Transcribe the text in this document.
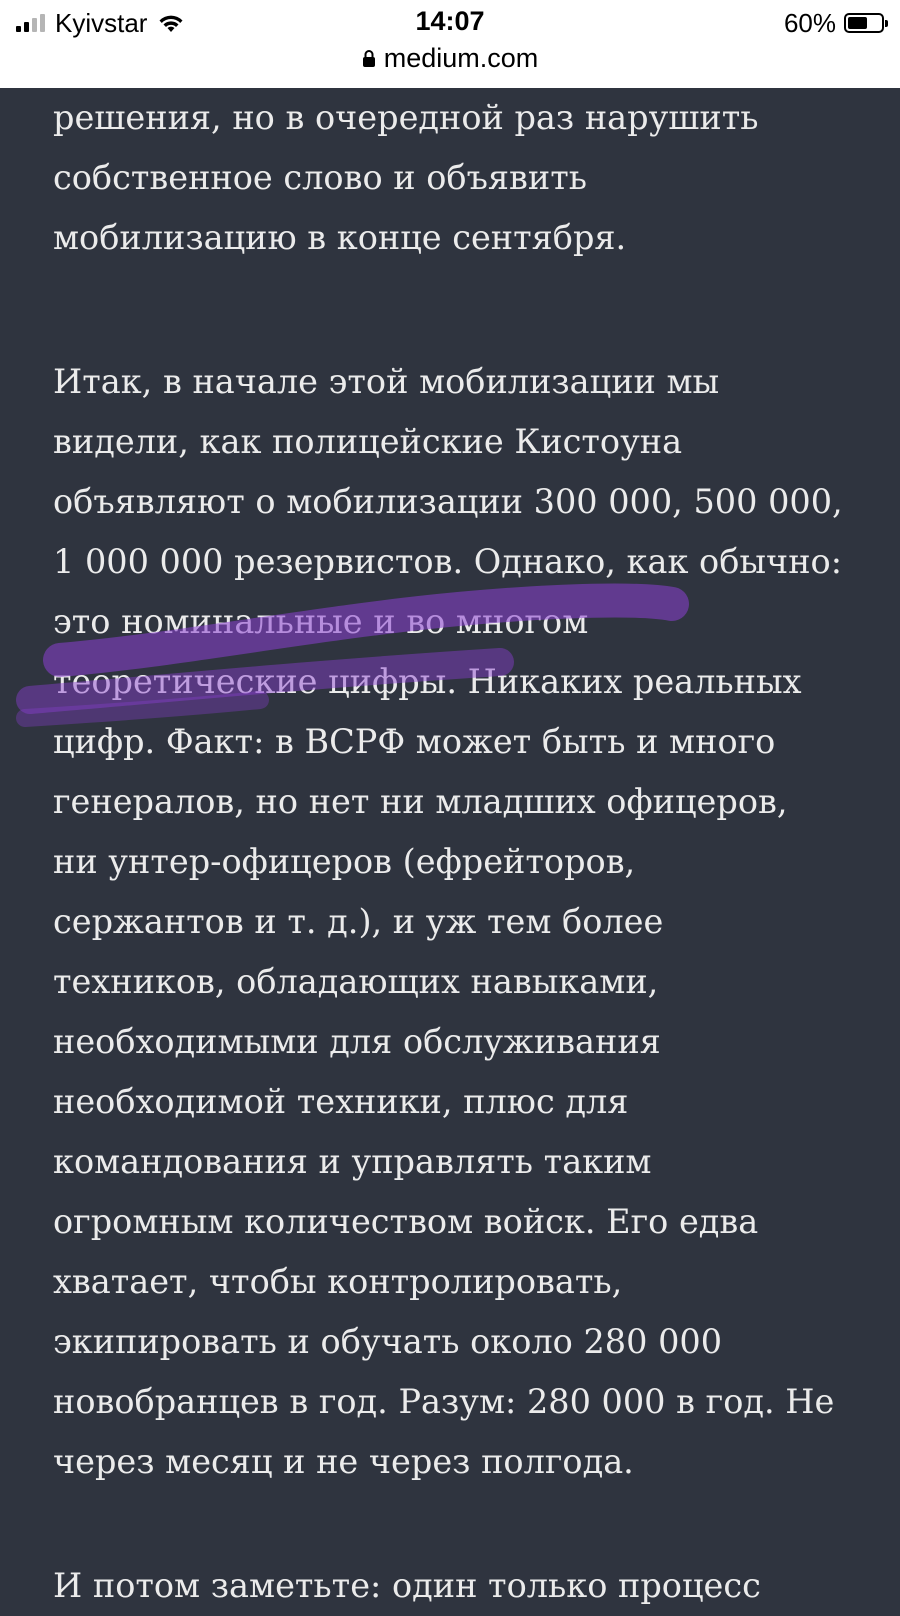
Kyivstar	14:07	60%
medium.com

решения, но в очередной раз нарушить
собственное слово и объявить
мобилизацию в конце сентября.

Итак, в начале этой мобилизации мы
видели, как полицейские Кистоуна
объявляют о мобилизации 300 000, 500 000,
1 000 000 резервистов. Однако, как обычно:
это номинальные и во многом
теоретические цифры. Никаких реальных
цифр. Факт: в ВСРФ может быть и много
генералов, но нет ни младших офицеров,
ни унтер-офицеров (ефрейторов,
сержантов и т. д.), и уж тем более
техников, обладающих навыками,
необходимыми для обслуживания
необходимой техники, плюс для
командования и управлять таким
огромным количеством войск. Его едва
хватает, чтобы контролировать,
экипировать и обучать около 280 000
новобранцев в год. Разум: 280 000 в год. Не
через месяц и не через полгода.

И потом заметьте: один только процесс
